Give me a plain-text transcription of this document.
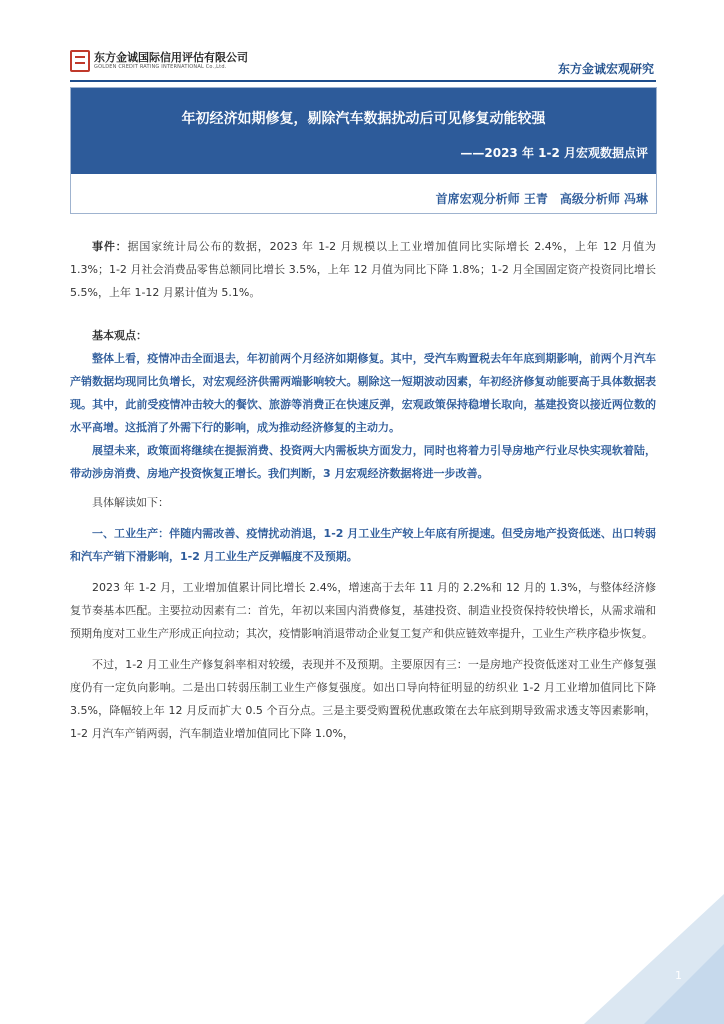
东方金诚国际信用评估有限公司
GOLDEN CREDIT RATING INTERNATIONAL Co.,Ltd.	东方金诚宏观研究
年初经济如期修复，剔除汽车数据扰动后可见修复动能较强
——2023 年 1-2 月宏观数据点评
首席宏观分析师 王青　高级分析师 冯琳

事件：据国家统计局公布的数据，2023 年 1-2 月规模以上工业增加值同比实际增长 2.4%，上年 12 月值为 1.3%；1-2 月社会消费品零售总额同比增长 3.5%，上年 12 月值为同比下降 1.8%；1-2 月全国固定资产投资同比增长 5.5%，上年 1-12 月累计值为 5.1%。

基本观点：

整体上看，疫情冲击全面退去，年初前两个月经济如期修复。其中，受汽车购置税去年年底到期影响，前两个月汽车产销数据均现同比负增长，对宏观经济供需两端影响较大。剔除这一短期波动因素，年初经济修复动能要高于具体数据表现。其中，此前受疫情冲击较大的餐饮、旅游等消费正在快速反弹，宏观政策保持稳增长取向，基建投资以接近两位数的水平高增。这抵消了外需下行的影响，成为推动经济修复的主动力。

展望未来，政策面将继续在提振消费、投资两大内需板块方面发力，同时也将着力引导房地产行业尽快实现软着陆，带动涉房消费、房地产投资恢复正增长。我们判断，3 月宏观经济数据将进一步改善。

具体解读如下：

一、工业生产：伴随内需改善、疫情扰动消退，1-2 月工业生产较上年底有所提速。但受房地产投资低迷、出口转弱和汽车产销下滑影响，1-2 月工业生产反弹幅度不及预期。

2023 年 1-2 月，工业增加值累计同比增长 2.4%，增速高于去年 11 月的 2.2%和 12 月的 1.3%，与整体经济修复节奏基本匹配。主要拉动因素有二：首先，年初以来国内消费修复，基建投资、制造业投资保持较快增长，从需求端和预期角度对工业生产形成正向拉动；其次，疫情影响消退带动企业复工复产和供应链效率提升，工业生产秩序稳步恢复。

不过，1-2 月工业生产修复斜率相对较缓，表现并不及预期。主要原因有三：一是房地产投资低迷对工业生产修复强度仍有一定负向影响。二是出口转弱压制工业生产修复强度。如出口导向特征明显的纺织业 1-2 月工业增加值同比下降 3.5%，降幅较上年 12 月反而扩大 0.5 个百分点。三是主要受购置税优惠政策在去年底到期导致需求透支等因素影响，1-2 月汽车产销两弱，汽车制造业增加值同比下降 1.0%，

1
